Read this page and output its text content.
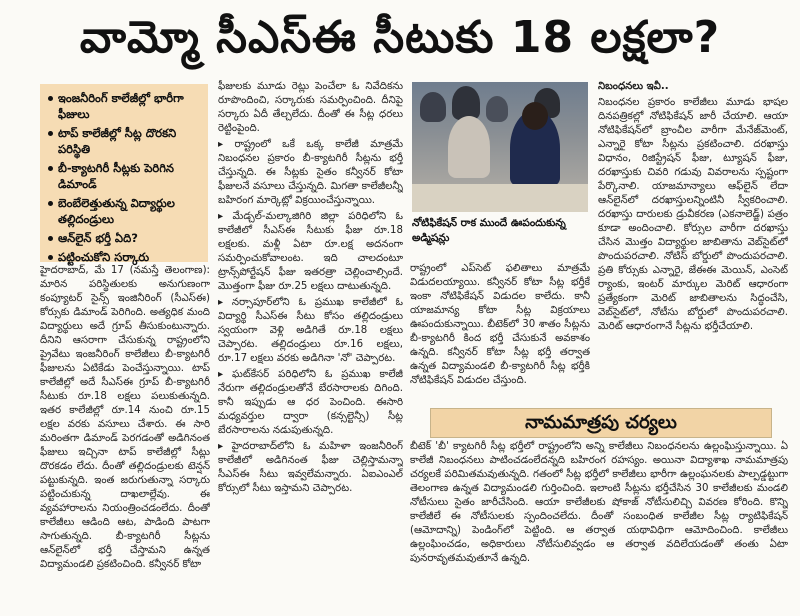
వామ్మో సీఎస్ఈ సీటుకు 18 లక్షలా?
ఇంజనీరింగ్ కాలేజీల్లో భారీగా ఫీజులు
టాప్ కాలేజీల్లో సీట్ల దొరకని పరిస్థితి
బీ-క్యాటగిరీ సీట్లకు పెరిగిన డిమాండ్
బెంబేలెత్తుతున్న విద్యార్థుల తల్లిదండ్రులు
ఆన్‌లైన్ భర్తీ ఏది?
పట్టించుకోని సర్కారు

హైదరాబాద్, మే 17 (నమస్తే తెలంగాణ): మారిన పరిస్థితులకు అనుగుణంగా కంప్యూటర్ సైన్స్ ఇంజినీరింగ్ (సీఎస్ఈ) కోర్సుకు డిమాండ్ పెరిగింది. అత్యధిక మంది విద్యార్థులు అదే గ్రూప్ తీసుకుంటున్నారు. దీనిని ఆసరాగా చేసుకున్న రాష్ట్రంలోని ప్రైవేటు ఇంజనీరింగ్ కాలేజీలు బీ-క్యాటగిరీ ఫీజులను ఏటికేడు పెంచేస్తున్నాయి. టాప్ కాలేజీల్లో అదే సీఎస్ఈ గ్రూప్ బీ-క్యాటగిరీ సీటుకు రూ.18 లక్షలు పలుకుతున్నది. ఇతర కాలేజీల్లో రూ.14 నుంచి రూ.15 లక్షల వరకు వసూలు చేశారు. ఈ సారి మరింతగా డిమాండ్ పెరగడంతో అడిగినంత ఫీజులు ఇచ్చినా టాప్ కాలేజీల్లో సీట్లు దొరకడం లేదు. దీంతో తల్లిదండ్రులకు టెన్షన్ పట్టుకున్నది. ఇంత జరుగుతున్నా సర్కారు పట్టించుకున్న దాఖలాల్లేవు. ఈ వ్యవహారాలను నియంత్రించడంలేదు. దీంతో కాలేజీలు ఆడింది ఆట, పాడింది పాటగా సాగుతున్నది. బీ-క్యాటగిరీ సీట్లను ఆన్‌లైన్‌లో భర్తీ చేస్తామని ఉన్నత విద్యామండలి ప్రకటించింది. కన్వీనర్ కోటా

ఫీజులకు మూడు రెట్లు పెంచేలా ఓ నివేదికను రూపొందించి, సర్కారుకు సమర్పించింది. దీనిపై సర్కారు ఏదీ తేల్చలేదు. దీంతో ఈ సీట్ల ధరలు రెట్టింపైంది.

▸ రాష్ట్రంలో ఒకే ఒక్క కాలేజీ మాత్రమే నిబంధనల ప్రకారం బీ-క్యాటగిరీ సీట్లను భర్తీ చేస్తున్నది. ఈ సీట్లకు సైతం కన్వీనర్ కోటా ఫీజులనే వసూలు చేస్తున్నది. మిగతా కాలేజీలన్నీ బహిరంగ మార్కెట్లో విక్రయించేస్తున్నాయి.

▸ మేడ్చల్-మల్కాజిగిరి జిల్లా పరిధిలోని ఓ కాలేజీలో సీఎస్ఈ సీటుకు ఫీజు రూ.18 లక్షలకు. మళ్లీ ఏటా రూ.లక్ష అదనంగా సమర్పించుకోవాలంట. ఇది చాలదంటూ ట్రాన్స్‌పోర్టేషన్ ఫీజు ఇతరత్రా చెల్లించాల్సిందే. మొత్తంగా ఫీజు రూ.25 లక్షలు దాటుతున్నది.

▸ నర్సాపూర్‌లోని ఓ ప్రముఖ కాలేజీలో ఓ విద్యార్థి సీఎస్ఈ సీటు కోసం తల్లిదండ్రులు స్వయంగా వెళ్లి అడిగితే రూ.18 లక్షలు చెప్పారట. తల్లిదండ్రులు రూ.16 లక్షలు, రూ.17 లక్షలు వరకు అడిగినా 'నో' చెప్పారట.

▸ ఘట్‌కేసర్ పరిధిలోని ఓ ప్రముఖ కాలేజీ నేరుగా తల్లిదండ్రులతోనే బేరసారాలకు దిగింది. కానీ ఇప్పుడు ఆ ధర పెంచింది. ఈసారి మధ్యవర్తుల ద్వారా (కన్సల్టెన్సీ) సీట్ల బేరసారాలను నడుపుతున్నది.

▸ హైదరాబాద్‌లోని ఓ మహిళా ఇంజనీరింగ్ కాలేజీలో అడిగినంత ఫీజు చెల్లిస్తామన్నా సీఎస్ఈ సీటు ఇవ్వలేమన్నారు. ఏఐఎంఎల్ కోర్సులో సీటు ఇస్తామని చెప్పారట.

నోటిఫికేషన్ రాక ముందే ఊపందుకున్న అడ్మిషన్లు

రాష్ట్రంలో ఎప్‌సెట్ ఫలితాలు మాత్రమే విడుదలయ్యాయి. కన్వీనర్ కోటా సీట్ల భర్తీకే ఇంకా నోటిఫికేషన్ విడుదల కాలేదు. కానీ యాజమాన్య కోటా సీట్ల విక్రయాలు ఊపందుకున్నాయి. బీటెక్‌లో 30 శాతం సీట్లను బీ-క్యాటగిరీ కింద భర్తీ చేసుకునే అవకాశం ఉన్నది. కన్వీనర్ కోటా సీట్ల భర్తీ తర్వాత ఉన్నత విద్యామండలి బీ-క్యాటగిరీ సీట్ల భర్తీకి నోటిఫికేషన్ విడుదల చేస్తుంది.

నిబంధనలు ఇవీ..

నిబంధనల ప్రకారం కాలేజీలు మూడు భాషల దినపత్రికల్లో నోటిఫికేషన్ జారీ చేయాలి. ఆయా నోటిఫికేషన్‌లో బ్రాంచీల వారీగా మేనేజ్‌మెంట్, ఎన్నారై కోటా సీట్లను ప్రకటించాలి. దరఖాస్తు విధానం, రిజిస్ట్రేషన్ ఫీజు, ట్యూషన్ ఫీజు, దరఖాస్తుకు చివరి గడువు వివరాలను స్పష్టంగా పేర్కొనాలి. యాజమాన్యాలు ఆఫ్‌లైన్ లేదా ఆన్‌లైన్‌లో దరఖాస్తులన్నింటినీ స్వీకరించాలి. దరఖాస్తు దారులకు డ్రువీకరణ (ఎకనాలెడ్జ్) పత్రం కూడా అందించాలి. కోర్సుల వారీగా దరఖాస్తు చేసిన మొత్తం విద్యార్థుల జాబితాను వెబ్‌సైట్‌లో పొందుపరచాలి. నోటిస్ బోర్డులో పొందుపరచాలి. ప్రతి కోర్సుకు ఎన్నారై, జేఈఈ మెయిన్, ఎంసెట్ ర్యాంకు, ఇంటర్ మార్కుల మెరిట్ ఆధారంగా ప్రత్యేకంగా మెరిట్ జాబితాలను సిద్ధంచేసి, వెబ్‌సైట్‌లో, నోటీసు బోర్డులో పొందుపరచాలి. మెరిట్ ఆధారంగానే సీట్లను భర్తీచేయాలి.

నామమాత్రపు చర్యలు

బీటెక్ 'బీ' క్యాటగిరీ సీట్ల భర్తీలో రాష్ట్రంలోని అన్ని కాలేజీలు నిబంధనలను ఉల్లంఘిస్తున్నాయి. ఏ కాలేజీ నిబంధనలు పాటించడంలేదన్నది బహిరంగ రహస్యం. అయినా విద్యాశాఖ నామమాత్రపు చర్యలకే పరిమితమవుతున్నది. గతంలో సీట్ల భర్తీలో కాలేజీలు భారీగా ఉల్లంఘనలకు పాల్పడ్డట్టుగా తెలంగాణ ఉన్నత విద్యామండలి గుర్తించింది. ఇలాంటి సీట్లను భర్తీచేసిన 30 కాలేజీలకు మండలి నోటీసులు సైతం జారీచేసింది. ఆయా కాలేజీలకు షోకాజ్ నోటీసులిచ్చి వివరణ కోరింది. కొన్ని కాలేజీలే ఈ నోటీసులకు స్పందించలేదు. దీంతో సంబంధిత కాలేజీల సీట్ల ర్యాటిఫికేషన్ (ఆమోదాన్ని) పెండింగ్‌లో పెట్టింది. ఆ తర్వాత యథావిధిగా ఆమోదించింది. కాలేజీలు ఉల్లంఘించడం, అధికారులు నోటీసులివ్వడం ఆ తర్వాత వదిలేయడంతో తంతు ఏటా పునరావృతమవుతూనే ఉన్నది.
